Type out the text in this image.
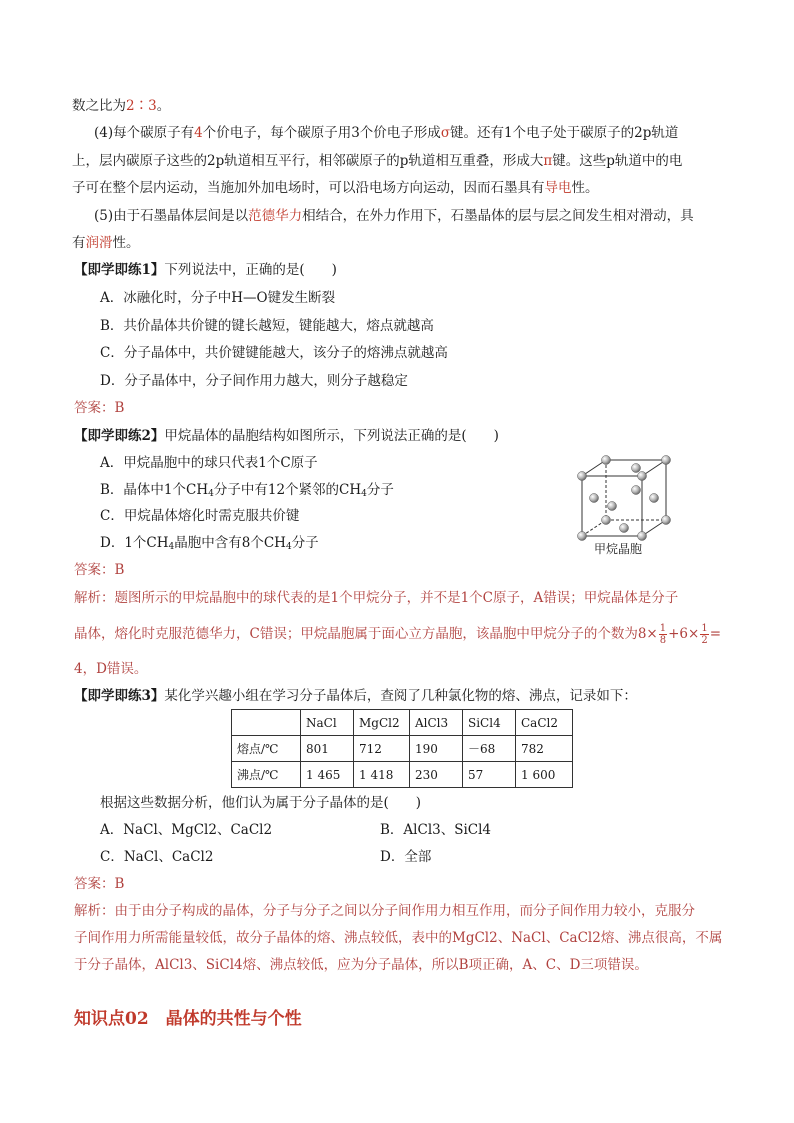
数之比为2∶3。
(4)每个碳原子有4个价电子，每个碳原子用3个价电子形成σ键。还有1个电子处于碳原子的2p轨道
上，层内碳原子这些的2p轨道相互平行，相邻碳原子的p轨道相互重叠，形成大π键。这些p轨道中的电
子可在整个层内运动，当施加外加电场时，可以沿电场方向运动，因而石墨具有导电性。
(5)由于石墨晶体层间是以范德华力相结合，在外力作用下，石墨晶体的层与层之间发生相对滑动，具
有润滑性。
【即学即练1】下列说法中，正确的是(　　)
A．冰融化时，分子中H—O键发生断裂
B．共价晶体共价键的键长越短，键能越大，熔点就越高
C．分子晶体中，共价键键能越大，该分子的熔沸点就越高
D．分子晶体中，分子间作用力越大，则分子越稳定
答案：B
【即学即练2】甲烷晶体的晶胞结构如图所示，下列说法正确的是(　　)
A．甲烷晶胞中的球只代表1个C原子
B．晶体中1个$CH_4$分子中有12个紧邻的$CH_4$分子
C．甲烷晶体熔化时需克服共价键
D．1个$CH_4$晶胞中含有8个$CH_4$分子	甲烷晶胞
答案：B
解析：题图所示的甲烷晶胞中的球代表的是1个甲烷分子，并不是1个C原子，A错误；甲烷晶体是分子
晶体，熔化时克服范德华力，C错误；甲烷晶胞属于面心立方晶胞，该晶胞中甲烷分子的个数为$8\times \frac{1}{8} +6\times \frac{1}{2}$ =
4，D错误。
【即学即练3】某化学兴趣小组在学习分子晶体后，查阅了几种氯化物的熔、沸点，记录如下：
	NaCl	MgCl2	AlCl3	SiCl4	CaCl2
熔点/℃	801	712	190	－68	782
沸点/℃	1 465	1 418	230	57	1 600
根据这些数据分析，他们认为属于分子晶体的是(　　)
A．NaCl、MgCl2、CaCl2	B．AlCl3、SiCl4
C．NaCl、CaCl2	D．全部
答案：B
解析：由于由分子构成的晶体，分子与分子之间以分子间作用力相互作用，而分子间作用力较小，克服分
子间作用力所需能量较低，故分子晶体的熔、沸点较低，表中的MgCl2、NaCl、CaCl2熔、沸点很高，不属
于分子晶体，AlCl3、SiCl4熔、沸点较低，应为分子晶体，所以B项正确，A、C、D三项错误。
知识点02　晶体的共性与个性
